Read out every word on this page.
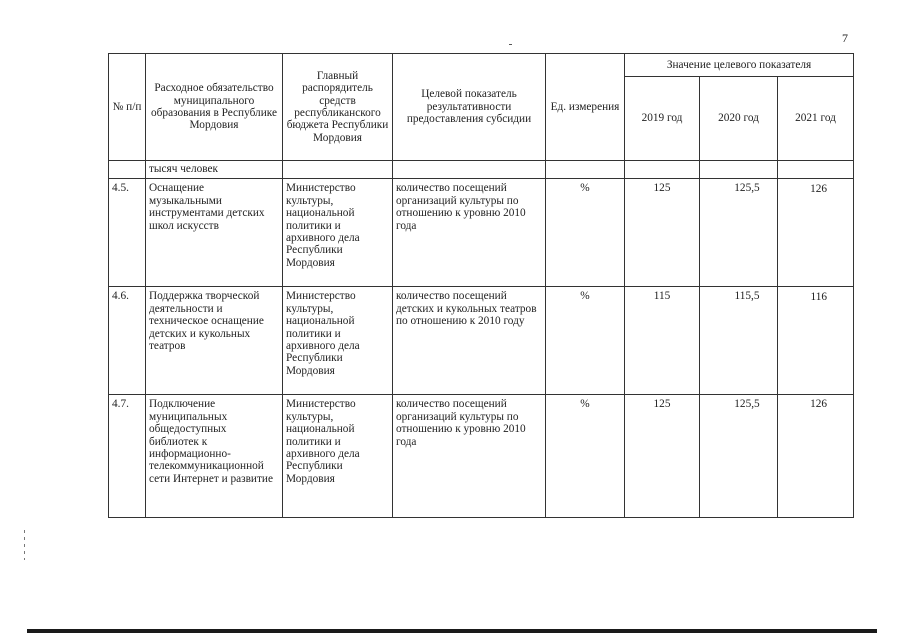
7
№ п/п	Расходное обязательство муниципального образования в Республике Мордовия	Главный распорядитель средств республиканского бюджета Республики Мордовия	Целевой показатель результативности предоставления субсидии	Ед. измерения	Значение целевого показателя		
					2019 год	2020 год	2021 год
	тысяч человек						
4.5.	Оснащение музыкальными инструментами детских школ искусств	Министерство культуры, национальной политики и архивного дела Республики Мордовия	количество посещений организаций культуры по отношению к уровню 2010 года	%	125	125,5	126
4.6.	Поддержка творческой деятельности и техническое оснащение детских и кукольных театров	Министерство культуры, национальной политики и архивного дела Республики Мордовия	количество посещений детских и кукольных театров по отношению к 2010 году	%	115	115,5	116
4.7.	Подключение муниципальных общедоступных библиотек к информационно-телекоммуникационной сети Интернет и развитие	Министерство культуры, национальной политики и архивного дела Республики Мордовия	количество посещений организаций культуры по отношению к уровню 2010 года	%	125	125,5	126
